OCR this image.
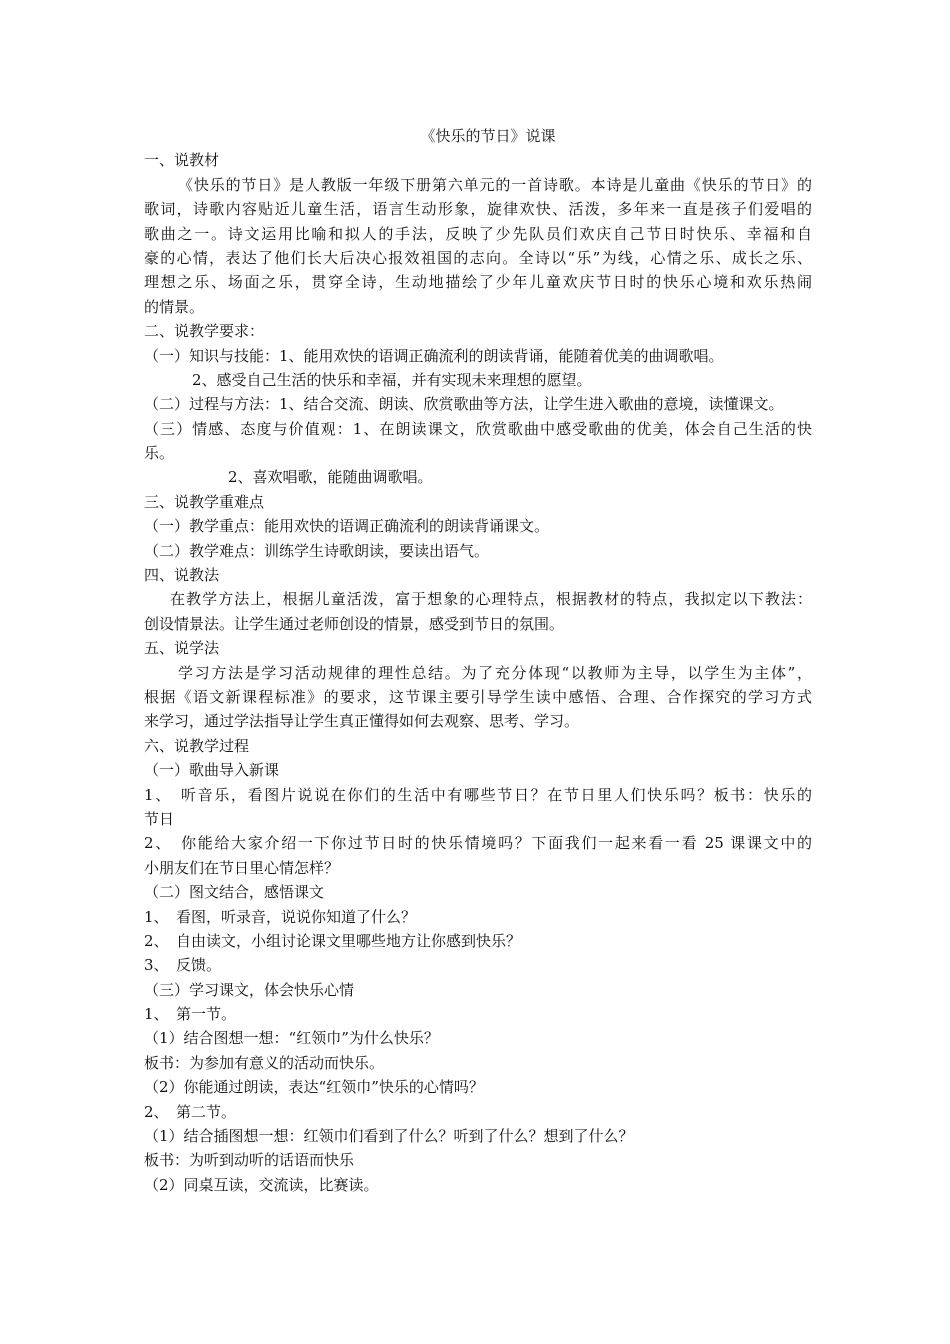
《快乐的节日》说课
一、说教材
《快乐的节日》是人教版一年级下册第六单元的一首诗歌。本诗是儿童曲《快乐的节日》的
歌词，诗歌内容贴近儿童生活，语言生动形象，旋律欢快、活泼，多年来一直是孩子们爱唱的
歌曲之一。诗文运用比喻和拟人的手法，反映了少先队员们欢庆自己节日时快乐、幸福和自
豪的心情，表达了他们长大后决心报效祖国的志向。全诗以“乐”为线，心情之乐、成长之乐、
理想之乐、场面之乐，贯穿全诗，生动地描绘了少年儿童欢庆节日时的快乐心境和欢乐热闹
的情景。
二、说教学要求：
（一）知识与技能：1、能用欢快的语调正确流利的朗读背诵，能随着优美的曲调歌唱。
2、感受自己生活的快乐和幸福，并有实现未来理想的愿望。
（二）过程与方法：1、结合交流、朗读、欣赏歌曲等方法，让学生进入歌曲的意境，读懂课文。
（三）情感、态度与价值观：1、在朗读课文，欣赏歌曲中感受歌曲的优美，体会自己生活的快
乐。
2、喜欢唱歌，能随曲调歌唱。
三、说教学重难点
（一）教学重点：能用欢快的语调正确流利的朗读背诵课文。
（二）教学难点：训练学生诗歌朗读，要读出语气。
四、说教法
在教学方法上，根据儿童活泼，富于想象的心理特点，根据教材的特点，我拟定以下教法：
创设情景法。让学生通过老师创设的情景，感受到节日的氛围。
五、说学法
学习方法是学习活动规律的理性总结。为了充分体现“以教师为主导，以学生为主体”，
根据《语文新课程标准》的要求，这节课主要引导学生读中感悟、合理、合作探究的学习方式
来学习，通过学法指导让学生真正懂得如何去观察、思考、学习。
六、说教学过程
（一）歌曲导入新课
1、　听音乐，看图片说说在你们的生活中有哪些节日？在节日里人们快乐吗？板书：快乐的
节日
2、　你能给大家介绍一下你过节日时的快乐情境吗？下面我们一起来看一看 25 课课文中的
小朋友们在节日里心情怎样？
（二）图文结合，感悟课文
1、　看图，听录音，说说你知道了什么？
2、　自由读文，小组讨论课文里哪些地方让你感到快乐？
3、　反馈。
（三）学习课文，体会快乐心情
1、　第一节。
（1）结合图想一想：“红领巾”为什么快乐？
板书：为参加有意义的活动而快乐。
（2）你能通过朗读，表达“红领巾”快乐的心情吗？
2、　第二节。
（1）结合插图想一想：红领巾们看到了什么？听到了什么？想到了什么？
板书：为听到动听的话语而快乐
（2）同桌互读，交流读，比赛读。
